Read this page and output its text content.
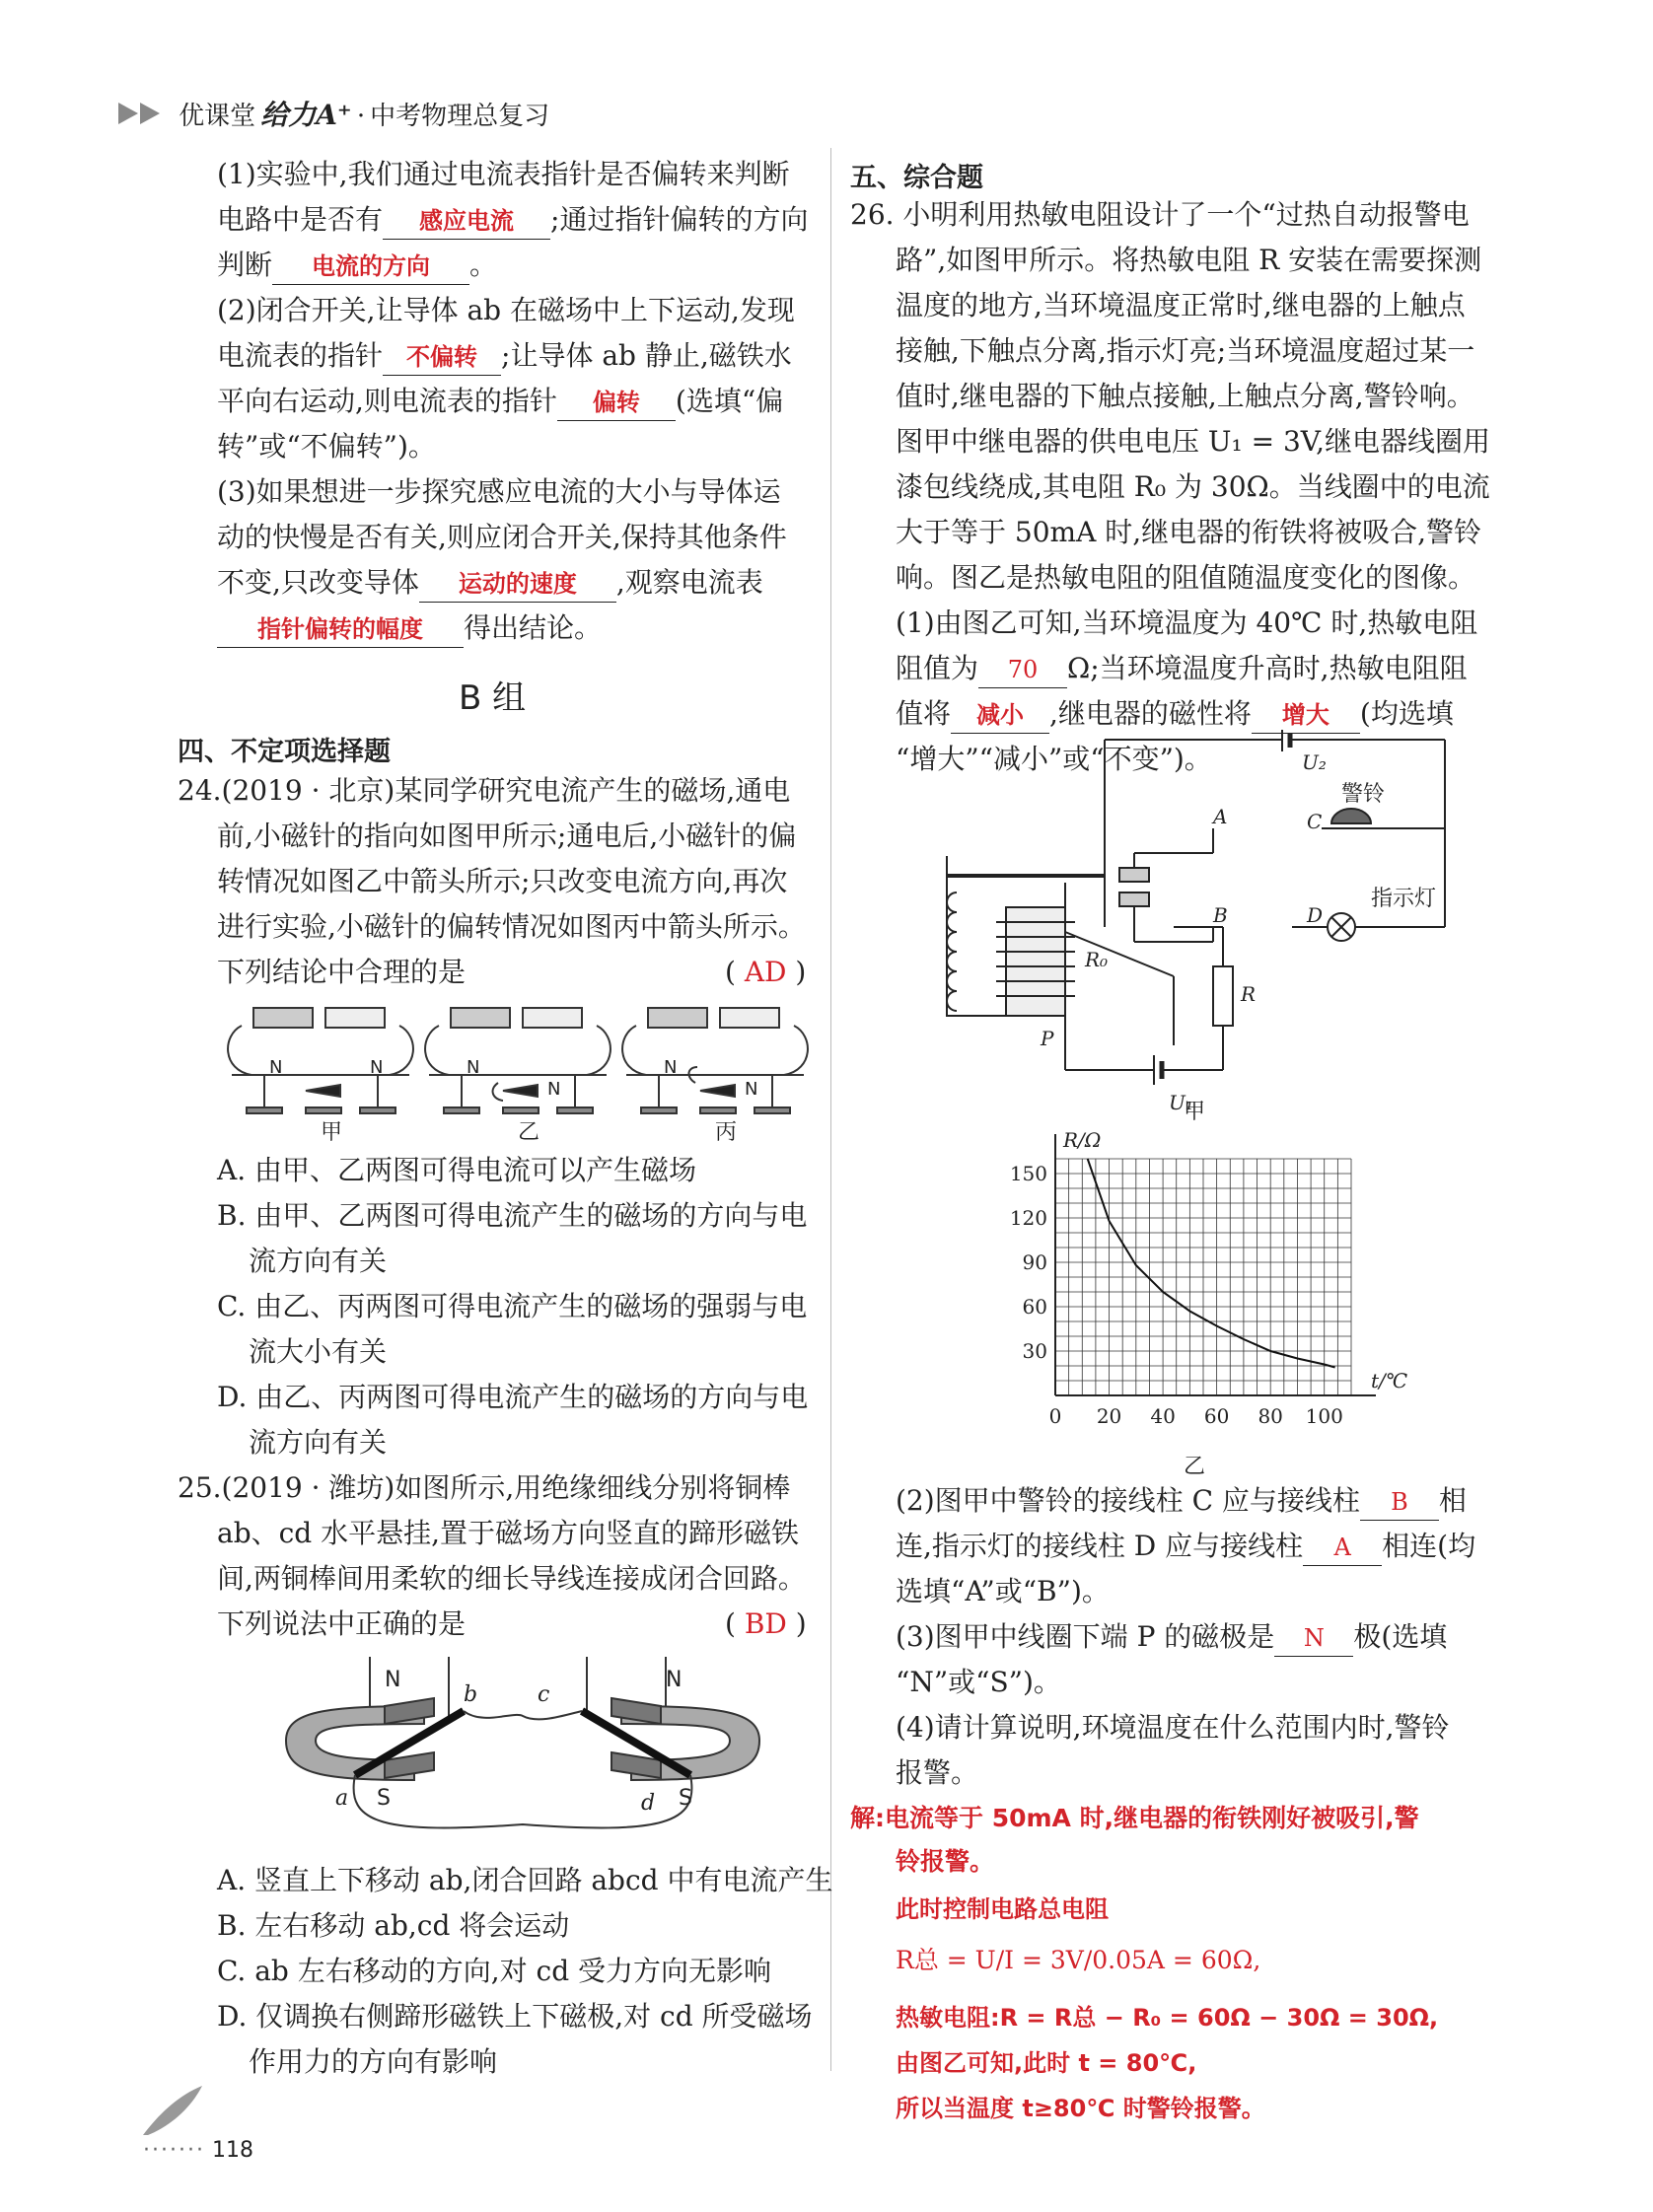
优课堂 给力A⁺ · 中考物理总复习
(1)实验中,我们通过电流表指针是否偏转来判断
电路中是否有 感应电流 ;通过指针偏转的方向
判断 电流的方向 。
(2)闭合开关,让导体 ab 在磁场中上下运动,发现
电流表的指针 不偏转 ;让导体 ab 静止,磁铁水
平向右运动,则电流表的指针 偏转 (选填“偏
转”或“不偏转”)。
(3)如果想进一步探究感应电流的大小与导体运
动的快慢是否有关,则应闭合开关,保持其他条件
不变,只改变导体 运动的速度 ,观察电流表
指针偏转的幅度 得出结论。
B 组
四、不定项选择题
24.(2019 · 北京)某同学研究电流产生的磁场,通电
前,小磁针的指向如图甲所示;通电后,小磁针的偏
转情况如图乙中箭头所示;只改变电流方向,再次
进行实验,小磁针的偏转情况如图丙中箭头所示。
下列结论中合理的是	( AD )
N	N	N
N
N
N
甲	乙	丙
A. 由甲、乙两图可得电流可以产生磁场
B. 由甲、乙两图可得电流产生的磁场的方向与电
流方向有关
C. 由乙、丙两图可得电流产生的磁场的强弱与电
流大小有关
D. 由乙、丙两图可得电流产生的磁场的方向与电
流方向有关
25.(2019 · 潍坊)如图所示,用绝缘细线分别将铜棒
ab、cd 水平悬挂,置于磁场方向竖直的蹄形磁铁
间,两铜棒间用柔软的细长导线连接成闭合回路。
下列说法中正确的是	( BD )
N	N
S	S
a
b	c
d
A. 竖直上下移动 ab,闭合回路 abcd 中有电流产生
B. 左右移动 ab,cd 将会运动
C. ab 左右移动的方向,对 cd 受力方向无影响
D. 仅调换右侧蹄形磁铁上下磁极,对 cd 所受磁场
作用力的方向有影响
······· 118
五、综合题
26. 小明利用热敏电阻设计了一个“过热自动报警电
路”,如图甲所示。将热敏电阻 R 安装在需要探测
温度的地方,当环境温度正常时,继电器的上触点
接触,下触点分离,指示灯亮;当环境温度超过某一
值时,继电器的下触点接触,上触点分离,警铃响。
图甲中继电器的供电电压 U₁ = 3V,继电器线圈用
漆包线绕成,其电阻 R₀ 为 30Ω。当线圈中的电流
大于等于 50mA 时,继电器的衔铁将被吸合,警铃
响。图乙是热敏电阻的阻值随温度变化的图像。
(1)由图乙可知,当环境温度为 40℃ 时,热敏电阻
阻值为 70 Ω;当环境温度升高时,热敏电阻阻
值将 减小 ,继电器的磁性将 增大 (均选填
“增大”“减小”或“不变”)。	U₂
A
B
C
D
R₀
R
P
U₁
警铃
指示灯
甲
0 20 40 60 80 100
30
60
90
120
150
R/Ω
t/℃
乙
(2)图甲中警铃的接线柱 C 应与接线柱 B 相
连,指示灯的接线柱 D 应与接线柱 A 相连(均
选填“A”或“B”)。
(3)图甲中线圈下端 P 的磁极是 N 极(选填
“N”或“S”)。
(4)请计算说明,环境温度在什么范围内时,警铃
报警。
解:电流等于 50mA 时,继电器的衔铁刚好被吸引,警
铃报警。
此时控制电路总电阻
R总 = U/I = 3V/0.05A = 60Ω,
热敏电阻:R = R总 − R₀ = 60Ω − 30Ω = 30Ω,
由图乙可知,此时 t = 80℃,
所以当温度 t≥80℃ 时警铃报警。
